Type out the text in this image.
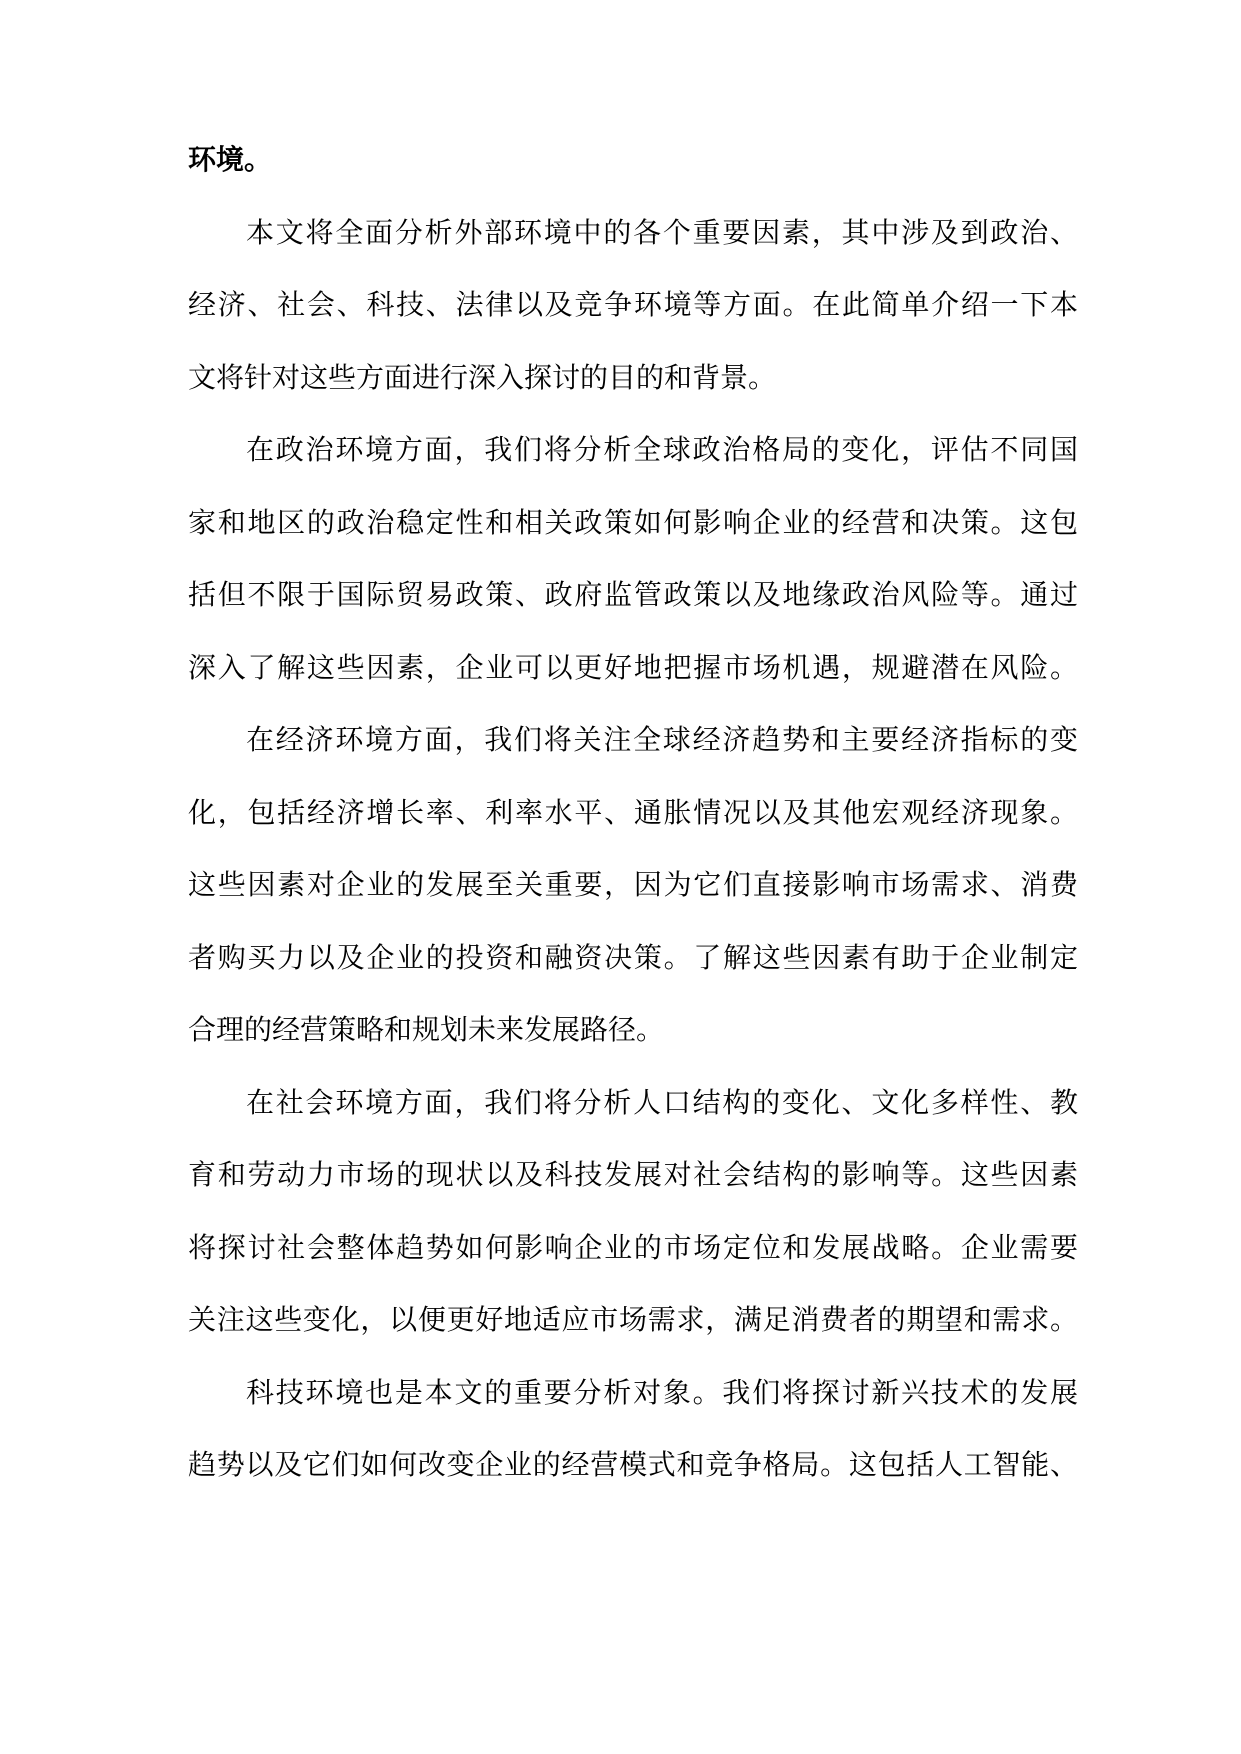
环境。
本文将全面分析外部环境中的各个重要因素，其中涉及到政治、
经济、社会、科技、法律以及竞争环境等方面。在此简单介绍一下本
文将针对这些方面进行深入探讨的目的和背景。
在政治环境方面，我们将分析全球政治格局的变化，评估不同国
家和地区的政治稳定性和相关政策如何影响企业的经营和决策。这包
括但不限于国际贸易政策、政府监管政策以及地缘政治风险等。通过
深入了解这些因素，企业可以更好地把握市场机遇，规避潜在风险。
在经济环境方面，我们将关注全球经济趋势和主要经济指标的变
化，包括经济增长率、利率水平、通胀情况以及其他宏观经济现象。
这些因素对企业的发展至关重要，因为它们直接影响市场需求、消费
者购买力以及企业的投资和融资决策。了解这些因素有助于企业制定
合理的经营策略和规划未来发展路径。
在社会环境方面，我们将分析人口结构的变化、文化多样性、教
育和劳动力市场的现状以及科技发展对社会结构的影响等。这些因素
将探讨社会整体趋势如何影响企业的市场定位和发展战略。企业需要
关注这些变化，以便更好地适应市场需求，满足消费者的期望和需求。
科技环境也是本文的重要分析对象。我们将探讨新兴技术的发展
趋势以及它们如何改变企业的经营模式和竞争格局。这包括人工智能、
